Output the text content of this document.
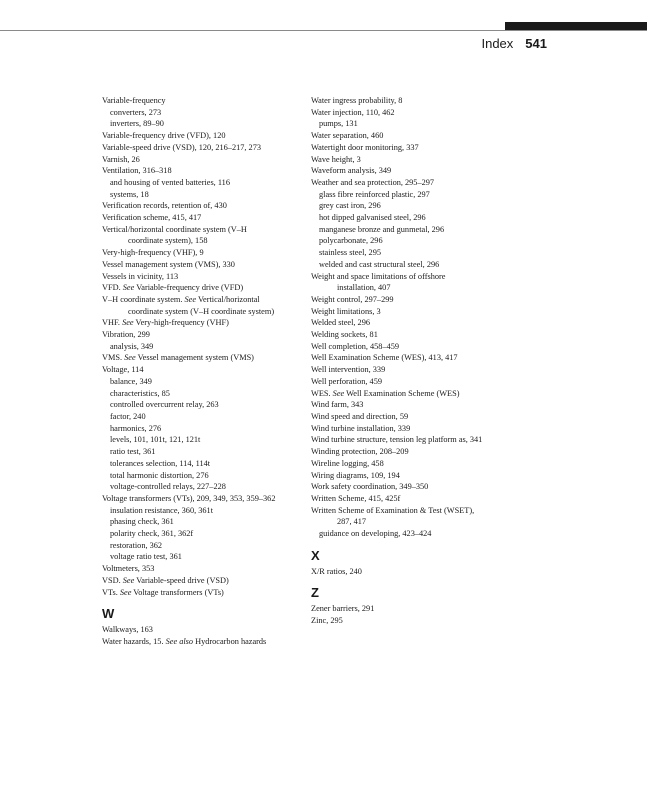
Index 541
Variable-frequency
converters, 273
inverters, 89–90
Variable-frequency drive (VFD), 120
Variable-speed drive (VSD), 120, 216–217, 273
Varnish, 26
Ventilation, 316–318
and housing of vented batteries, 116
systems, 18
Verification records, retention of, 430
Verification scheme, 415, 417
Vertical/horizontal coordinate system (V–H
coordinate system), 158
Very-high-frequency (VHF), 9
Vessel management system (VMS), 330
Vessels in vicinity, 113
VFD. See Variable-frequency drive (VFD)
V–H coordinate system. See Vertical/horizontal
coordinate system (V–H coordinate system)
VHF. See Very-high-frequency (VHF)
Vibration, 299
analysis, 349
VMS. See Vessel management system (VMS)
Voltage, 114
balance, 349
characteristics, 85
controlled overcurrent relay, 263
factor, 240
harmonics, 276
levels, 101, 101t, 121, 121t
ratio test, 361
tolerances selection, 114, 114t
total harmonic distortion, 276
voltage-controlled relays, 227–228
Voltage transformers (VTs), 209, 349, 353, 359–362
insulation resistance, 360, 361t
phasing check, 361
polarity check, 361, 362f
restoration, 362
voltage ratio test, 361
Voltmeters, 353
VSD. See Variable-speed drive (VSD)
VTs. See Voltage transformers (VTs)
W
Walkways, 163
Water hazards, 15. See also Hydrocarbon hazards
Water ingress probability, 8
Water injection, 110, 462
pumps, 131
Water separation, 460
Watertight door monitoring, 337
Wave height, 3
Waveform analysis, 349
Weather and sea protection, 295–297
glass fibre reinforced plastic, 297
grey cast iron, 296
hot dipped galvanised steel, 296
manganese bronze and gunmetal, 296
polycarbonate, 296
stainless steel, 295
welded and cast structural steel, 296
Weight and space limitations of offshore
installation, 407
Weight control, 297–299
Weight limitations, 3
Welded steel, 296
Welding sockets, 81
Well completion, 458–459
Well Examination Scheme (WES), 413, 417
Well intervention, 339
Well perforation, 459
WES. See Well Examination Scheme (WES)
Wind farm, 343
Wind speed and direction, 59
Wind turbine installation, 339
Wind turbine structure, tension leg platform as, 341
Winding protection, 208–209
Wireline logging, 458
Wiring diagrams, 109, 194
Work safety coordination, 349–350
Written Scheme, 415, 425f
Written Scheme of Examination & Test (WSET),
287, 417
guidance on developing, 423–424
X
X/R ratios, 240
Z
Zener barriers, 291
Zinc, 295
